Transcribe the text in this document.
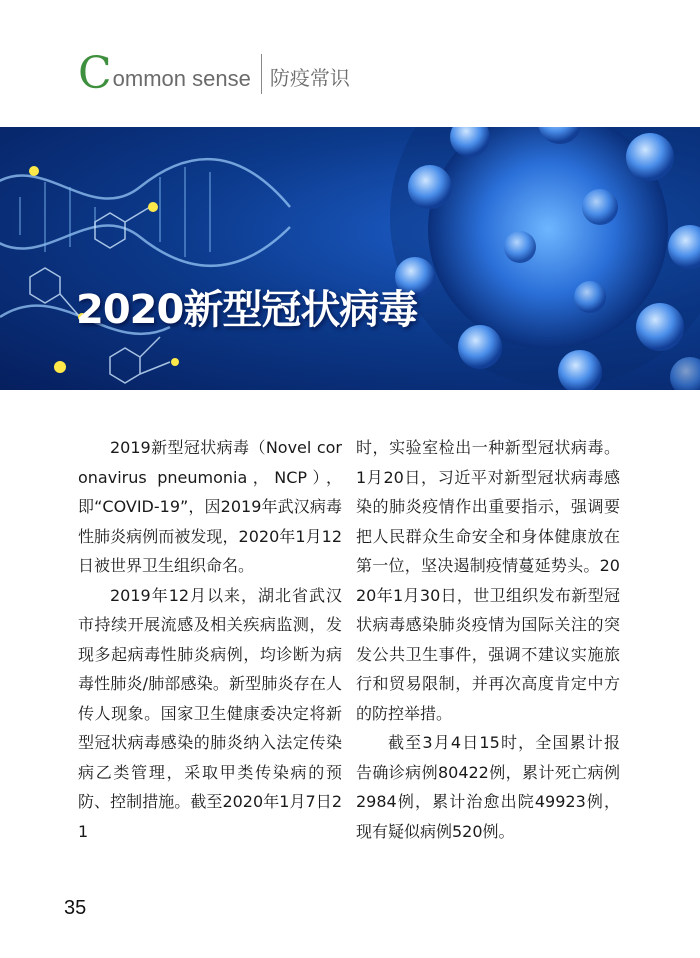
C ommon sense 防疫常识
2020新型冠状病毒

2019新型冠状病毒（Novel coronavirus pneumonia，NCP），即“COVID-19”，因2019年武汉病毒性肺炎病例而被发现，2020年1月12日被世界卫生组织命名。

2019年12月以来，湖北省武汉市持续开展流感及相关疾病监测，发现多起病毒性肺炎病例，均诊断为病毒性肺炎/肺部感染。新型肺炎存在人传人现象。国家卫生健康委决定将新型冠状病毒感染的肺炎纳入法定传染病乙类管理，采取甲类传染病的预防、控制措施。截至2020年1月7日21

时，实验室检出一种新型冠状病毒。1月20日，习近平对新型冠状病毒感染的肺炎疫情作出重要指示，强调要把人民群众生命安全和身体健康放在第一位，坚决遏制疫情蔓延势头。2020年1月30日，世卫组织发布新型冠状病毒感染肺炎疫情为国际关注的突发公共卫生事件，强调不建议实施旅行和贸易限制，并再次高度肯定中方的防控举措。

截至3月4日15时，全国累计报告确诊病例80422例，累计死亡病例2984例，累计治愈出院49923例，现有疑似病例520例。

35
